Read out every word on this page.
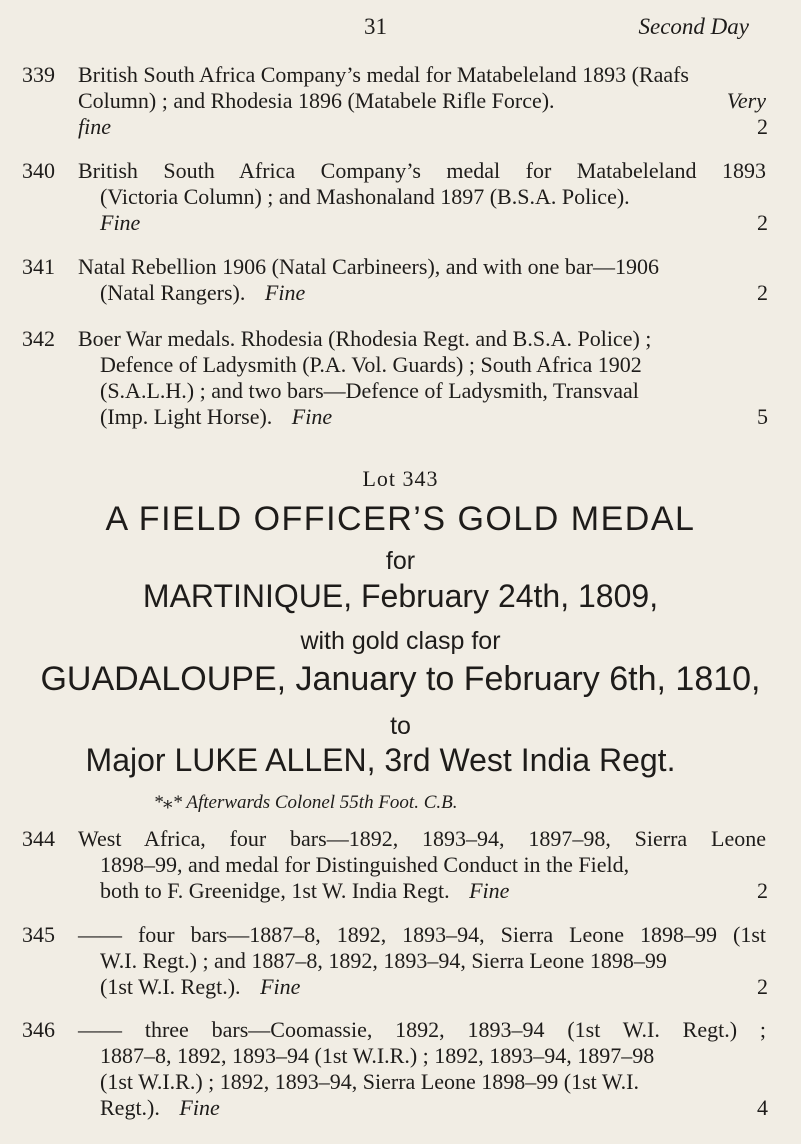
31	Second Day
339 British South Africa Company’s medal for Matabeleland 1893 (Raafs
Column) ; and Rhodesia 1896 (Matabele Rifle Force).	Very
fine	2
340 British South Africa Company’s medal for Matabeleland 1893
(Victoria Column) ; and Mashonaland 1897 (B.S.A. Police).
Fine	2
341 Natal Rebellion 1906 (Natal Carbineers), and with one bar—1906
(Natal Rangers). Fine	2
342 Boer War medals. Rhodesia (Rhodesia Regt. and B.S.A. Police) ;
Defence of Ladysmith (P.A. Vol. Guards) ; South Africa 1902
(S.A.L.H.) ; and two bars—Defence of Ladysmith, Transvaal
(Imp. Light Horse). Fine	5
Lot 343
A FIELD OFFICER’S GOLD MEDAL
for
MARTINIQUE, February 24th, 1809,
with gold clasp for
GUADALOUPE, January to February 6th, 1810,
to
Major LUKE ALLEN, 3rd West India Regt.
*⁎* Afterwards Colonel 55th Foot. C.B.
344 West Africa, four bars—1892, 1893–94, 1897–98, Sierra Leone
1898–99, and medal for Distinguished Conduct in the Field,
both to F. Greenidge, 1st W. India Regt. Fine	2
345 —— four bars—1887–8, 1892, 1893–94, Sierra Leone 1898–99 (1st
W.I. Regt.) ; and 1887–8, 1892, 1893–94, Sierra Leone 1898–99
(1st W.I. Regt.). Fine	2
346 —— three bars—Coomassie, 1892, 1893–94 (1st W.I. Regt.) ;
1887–8, 1892, 1893–94 (1st W.I.R.) ; 1892, 1893–94, 1897–98
(1st W.I.R.) ; 1892, 1893–94, Sierra Leone 1898–99 (1st W.I.
Regt.). Fine	4
